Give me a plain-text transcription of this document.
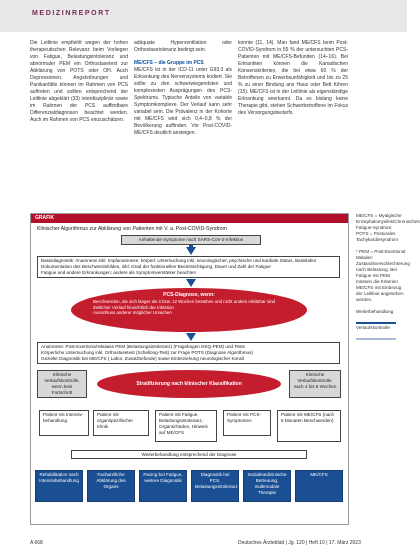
MEDIZINREPORT

Die Leitlinie empfiehlt wegen der hohen therapeutischen Relevanz beim Vorliegen von Fatigue, Belastungsintoleranz und abnormaler PEM ein Orthostasetest zur Abklärung von POTS oder OH. Auch Depressionen, Angststörungen und Panikanfälle können im Rahmen von PCS auftreten und sollten entsprechend der Leitlinie abgeklärt (33) interdisziplinär sowie im Rahmen der PCS auffindbare Differenzialdiagnosen beachtet werden. Auch im Rahmen von PCS einzuschätzen.

adäquate Hyperventilation oder Orthostasetoleranz bedingt sein.

ME/CFS – die Gruppe im PCS

ME/CFS ist in der ICD-11 unter G93.3 als Erkrankung des Nervensystems kodiert. Sie sollte zu den schwerwiegendsten und komplexesten Ausprägungen des PCS-Spektrums. Typische Anteile von variable Symptomkomplexe. Der Verlauf kann sehr variabel sein. Die Prävalenz in der Kohorte mit ME/CFS wird sich 0,4–0,8 % der Bevölkerung auffinden. Vor Post-COVID-ME/CFS deutlich ansteigen.

konnte (11, 14). Man fand ME/CFS beim Post-COVID-Syndrom in 55 % der untersuchten PCS-Patienten mit ME/CFS-Befunden (14–16). Bei Erkrankten können die Kanadischen Konsenskriterien, die bei etwa 60 % der Betroffenen zu Erwerbsunfähigkeit und bis zu 25 % zu einer Bindung ans Haus oder Bett führen (15). ME/CFS ist in der Leitlinie als eigenständige Erkrankung anerkannt. Da es bislang keine Therapie gibt, stehen Schwerbetroffene im Fokus des Versorgungsbedarfs.

GRAFIK
Klinischer Algorithmus zur Abklärung von Patienten mit V. a. Post-COVID-Syndrom
Anhaltende Symptome nach SARS-CoV-2-Infektion
Basisdiagnostik: Anamnese inkl. Impfanamnese, körperl. Untersuchung inkl. neurologischer, psychische und kardiale Status, Basislabor
Dokumentation des Beschwerdebildes, inkl. Grad der funktionellen Beeinträchtigung, Dauer und Zahl der Fatigue
Fatigue und andere Erkrankungen; andere als Symptomverstärker beachten
PCS-Diagnose, wenn:
Beschwerden, die sich länger als 4 bzw. 12 Wochen bestehen und nicht anders erklärbar sind
Zeitlicher Verlauf hinsichtlich der Infektion
Ausschluss anderer möglicher Ursachen
Anamnese: Post-Exertional-Malaise PEM (Belastungsintoleranz) (Fragebogen DSQ-PEM) und Tests
Körperliche Untersuchung inkl. Orthostasetest (Schellong-Test) zur Frage POTS (Diagnose Algorithmus)
Gezielte Diagnostik bei ME/CFS ( Labor, Zusatzbefunde) sowie Einbeziehung neurologischer Konsil
Klinische Verlaufskontrolle, wenn kein Fortschritt
Klinische Verlaufskontrolle, nach 4 bis 6 Wochen
Stratifizierung nach klinischer Klassifikation
Patient mit Intensiv-behandlung
Patient mit organspezifischer Klinik
Patient mit Fatigue, Belastungsintoleranz, Organschäden, Hinweis auf ME/CFS
Patient mit PCS-Symptomen
Patient mit ME/CFS (nach 6 Monaten Beschwerden)
Weiterbehandlung entsprechend der Diagnose
Rehabilitation nach Intensivbehandlung
Facharztliche Abklärung des Organs
Pacing bei Fatigue, weitere Diagnostik
Diagnostik bei PCS, Belastungsintoleranz
Sozialmedizinische Betreuung, multimodale Therapie
ME/CFS
ME/CFS = Myalgische Enzephalomyelitis/Chronisches Fatigue-Syndrom; POTS = Posturales Tachykardiesyndrom
* PEM = Post-Exertional Malaise; Zustandsverschlechterung nach Belastung. Bei Fatigue mit PEM müssen die Kriterien ME/CFS mit Einbezug der Leitlinie angesehen werden.
Weiterbehandlung
Verlaufskontrolle
A 668	Deutsches Ärzteblatt | Jg. 120 | Heft 10 | 17. März 2023
